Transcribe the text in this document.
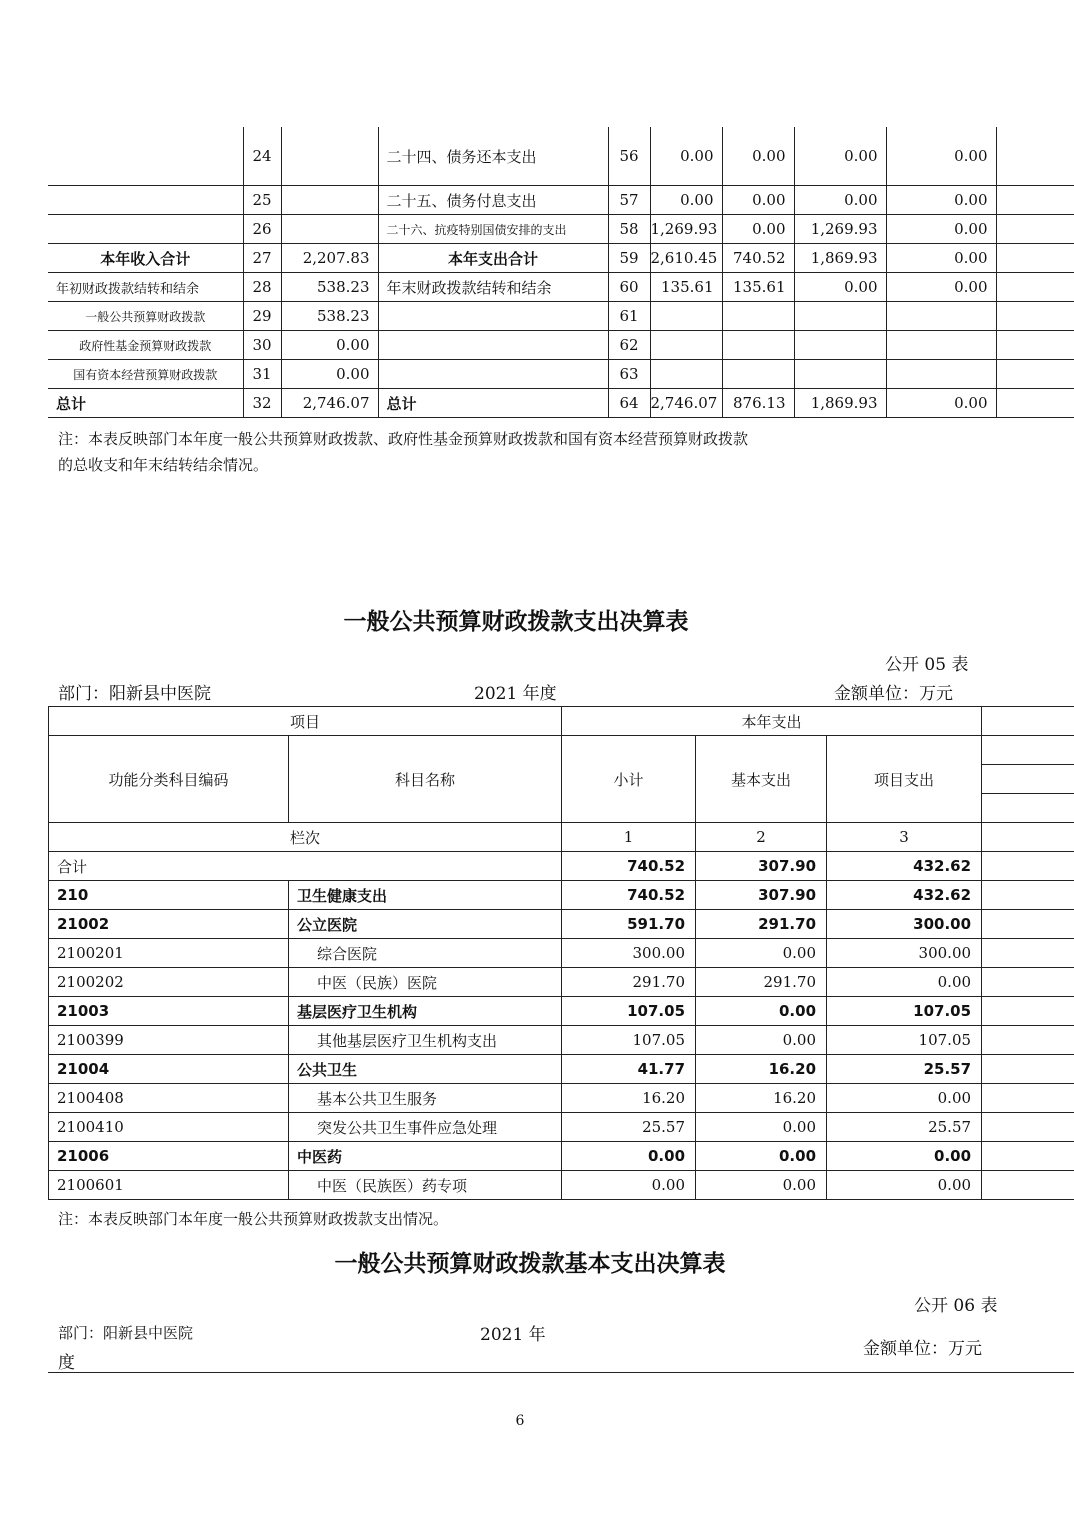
	24		二十四、债务还本支出	56	0.00	0.00	0.00	0.00	
	25		二十五、债务付息支出	57	0.00	0.00	0.00	0.00	
	26		二十六、抗疫特别国债安排的支出	58	1,269.93	0.00	1,269.93	0.00	
本年收入合计	27	2,207.83	本年支出合计	59	2,610.45	740.52	1,869.93	0.00	
年初财政拨款结转和结余	28	538.23	年末财政拨款结转和结余	60	135.61	135.61	0.00	0.00	
一般公共预算财政拨款	29	538.23		61					
政府性基金预算财政拨款	30	0.00		62					
国有资本经营预算财政拨款	31	0.00		63					
总计	32	2,746.07	总计	64	2,746.07	876.13	1,869.93	0.00	
注：本表反映部门本年度一般公共预算财政拨款、政府性基金预算财政拨款和国有资本经营预算财政拨款
的总收支和年末结转结余情况。
一般公共预算财政拨款支出决算表
公开 05 表
部门：阳新县中医院	2021 年度	金额单位：万元
项目		本年支出			
功能分类科目编码	科目名称	小计	基本支出	项目支出	

栏次		1	2	3	
合计		740.52	307.90	432.62	
210	卫生健康支出	740.52	307.90	432.62	
21002	公立医院	591.70	291.70	300.00	
2100201	综合医院	300.00	0.00	300.00	
2100202	中医（民族）医院	291.70	291.70	0.00	
21003	基层医疗卫生机构	107.05	0.00	107.05	
2100399	其他基层医疗卫生机构支出	107.05	0.00	107.05	
21004	公共卫生	41.77	16.20	25.57	
2100408	基本公共卫生服务	16.20	16.20	0.00	
2100410	突发公共卫生事件应急处理	25.57	0.00	25.57	
21006	中医药	0.00	0.00	0.00	
2100601	中医（民族医）药专项	0.00	0.00	0.00	
注：本表反映部门本年度一般公共预算财政拨款支出情况。
一般公共预算财政拨款基本支出决算表
公开 06 表
部门：阳新县中医院	2021 年
度
金额单位：万元
6
